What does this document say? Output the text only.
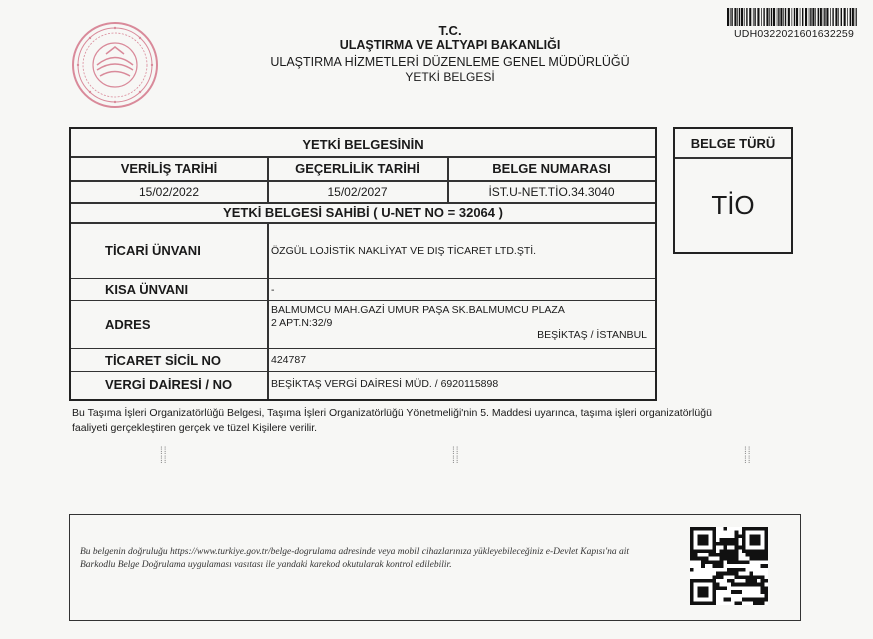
T.C.
ULAŞTIRMA VE ALTYAPI BAKANLIĞI
ULAŞTIRMA HİZMETLERİ DÜZENLEME GENEL MÜDÜRLÜĞÜ
YETKİ BELGESİ
UDH0322021601632259
YETKİ BELGESİNİN
VERİLİŞ TARİHİ	GEÇERLİLİK TARİHİ	BELGE NUMARASI
15/02/2022	15/02/2027	İST.U-NET.TİO.34.3040
YETKİ BELGESİ SAHİBİ ( U-NET NO = 32064 )
TİCARİ ÜNVANI	ÖZGÜL LOJİSTİK NAKLİYAT VE DIŞ TİCARET LTD.ŞTİ.
KISA ÜNVANI	-
ADRES
BALMUMCU MAH.GAZİ UMUR PAŞA SK.BALMUMCU PLAZA
2 APT.N:32/9
BEŞİKTAŞ / İSTANBUL
TİCARET SİCİL NO	424787
VERGİ DAİRESİ / NO	BEŞİKTAŞ VERGİ DAİRESİ MÜD. / 6920115898
BELGE TÜRÜ
TİO
Bu Taşıma İşleri Organizatörlüğü Belgesi, Taşıma İşleri Organizatörlüğü Yönetmeliği'nin 5. Maddesi uyarınca, taşıma işleri organizatörlüğü faaliyeti gerçekleştiren gerçek ve tüzel Kişilere verilir.
⁞⁞
⁞⁞
⁞⁞
⁞⁞
⁞⁞
⁞⁞
Bu belgenin doğruluğu https://www.turkiye.gov.tr/belge-dogrulama adresinde veya mobil cihazlarınıza yükleyebileceğiniz e-Devlet Kapısı'na ait Barkodlu Belge Doğrulama uygulaması vasıtası ile yandaki karekod okutularak kontrol edilebilir.
